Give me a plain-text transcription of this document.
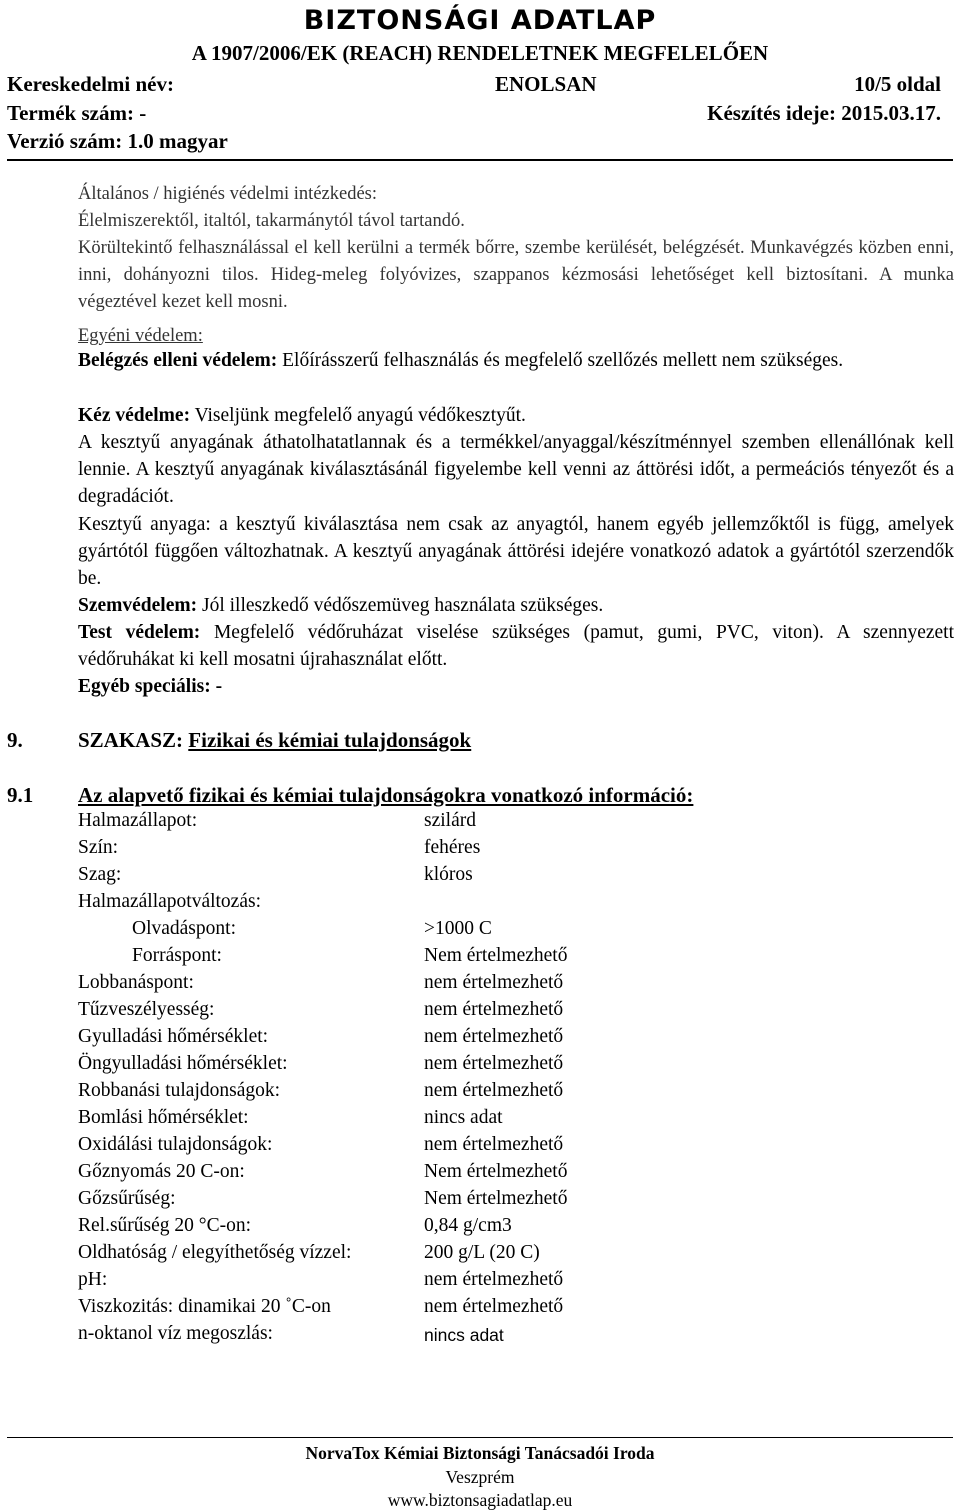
BIZTONSÁGI ADATLAP
A 1907/2006/EK (REACH) RENDELETNEK MEGFELELŐEN
Kereskedelmi név:	ENOLSAN	10/5 oldal
Termék szám: -	Készítés ideje: 2015.03.17.
Verzió szám: 1.0 magyar
Általános / higiénés védelmi intézkedés:
Élelmiszerektől, italtól, takarmánytól távol tartandó.
Körültekintő felhasználással el kell kerülni a termék bőrre, szembe kerülését, belégzését. Munkavégzés közben enni, inni, dohányozni tilos. Hideg-meleg folyóvizes, szappanos kézmosási lehetőséget kell biztosítani. A munka végeztével kezet kell mosni.
Egyéni védelem:
Belégzés elleni védelem: Előírásszerű felhasználás és megfelelő szellőzés mellett nem szükséges.
Kéz védelme: Viseljünk megfelelő anyagú védőkesztyűt.
A kesztyű anyagának áthatolhatatlannak és a termékkel/anyaggal/készítménnyel szemben ellenállónak kell lennie. A kesztyű anyagának kiválasztásánál figyelembe kell venni az áttörési időt, a permeációs tényezőt és a degradációt.
Kesztyű anyaga: a kesztyű kiválasztása nem csak az anyagtól, hanem egyéb jellemzőktől is függ, amelyek gyártótól függően változhatnak. A kesztyű anyagának áttörési idejére vonatkozó adatok a gyártótól szerzendők be.
Szemvédelem: Jól illeszkedő védőszemüveg használata szükséges.
Test védelem: Megfelelő védőruházat viselése szükséges (pamut, gumi, PVC, viton). A szennyezett védőruhákat ki kell mosatni újrahasználat előtt.
Egyéb speciális: -
9.	SZAKASZ: Fizikai és kémiai tulajdonságok
9.1 Az alapvető fizikai és kémiai tulajdonságokra vonatkozó információ:
Halmazállapot:	szilárd
Szín:	fehéres
Szag:	klóros
Halmazállapotváltozás:
Olvadáspont:	>1000 C
Forráspont:	Nem értelmezhető
Lobbanáspont:	nem értelmezhető
Tűzveszélyesség:	nem értelmezhető
Gyulladási hőmérséklet:	nem értelmezhető
Öngyulladási hőmérséklet:	nem értelmezhető
Robbanási tulajdonságok:	nem értelmezhető
Bomlási hőmérséklet:	nincs adat
Oxidálási tulajdonságok:	nem értelmezhető
Gőznyomás 20 C-on:	Nem értelmezhető
Gőzsűrűség:	Nem értelmezhető
Rel.sűrűség 20 °C-on:	0,84 g/cm3
Oldhatóság / elegyíthetőség vízzel:	200 g/L (20 C)
pH:	nem értelmezhető
Viszkozitás: dinamikai 20 ˚C-on	nem értelmezhető
n-oktanol víz megoszlás:	nincs adat
NorvaTox Kémiai Biztonsági Tanácsadói Iroda
Veszprém
www.biztonsagiadatlap.eu
